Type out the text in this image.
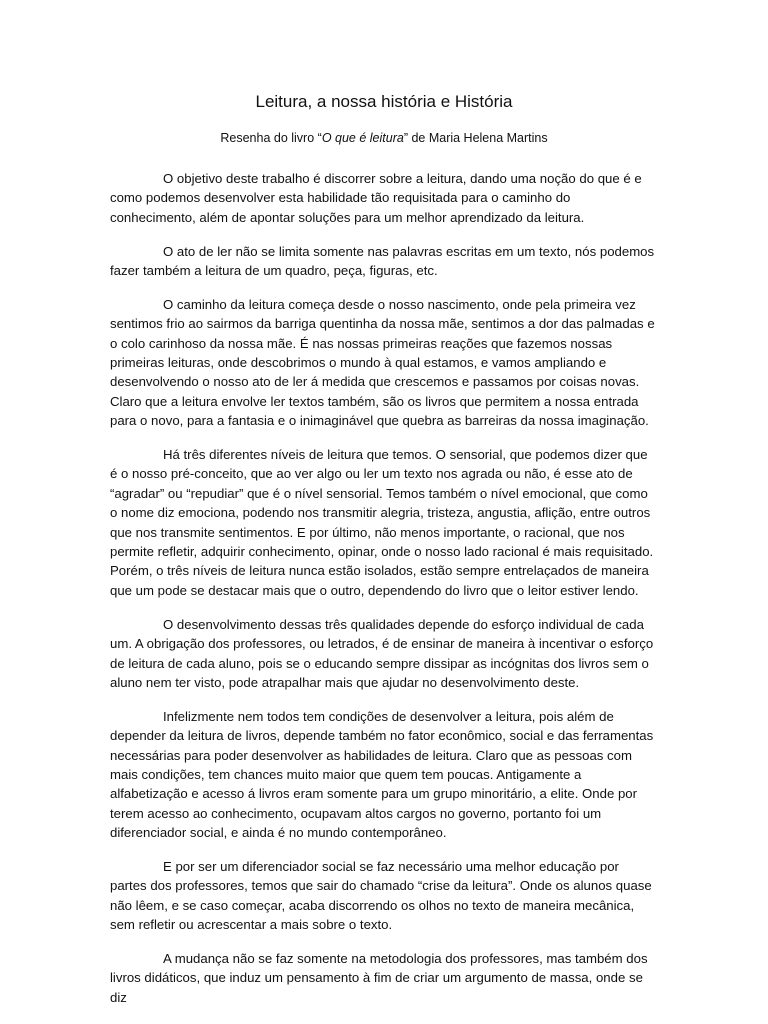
Leitura, a nossa história e História

Resenha do livro “O que é leitura” de Maria Helena Martins

O objetivo deste trabalho é discorrer sobre a leitura, dando uma noção do que é e como podemos desenvolver esta habilidade tão requisitada para o caminho do conhecimento, além de apontar soluções para um melhor aprendizado da leitura.

O ato de ler não se limita somente nas palavras escritas em um texto, nós podemos fazer também a leitura de um quadro, peça, figuras, etc.

O caminho da leitura começa desde o nosso nascimento, onde pela primeira vez sentimos frio ao sairmos da barriga quentinha da nossa mãe, sentimos a dor das palmadas e o colo carinhoso da nossa mãe. É nas nossas primeiras reações que fazemos nossas primeiras leituras, onde descobrimos o mundo à qual estamos, e vamos ampliando e desenvolvendo o nosso ato de ler á medida que crescemos e passamos por coisas novas. Claro que a leitura envolve ler textos também, são os livros que permitem a nossa entrada para o novo, para a fantasia e o inimaginável que quebra as barreiras da nossa imaginação.

Há três diferentes níveis de leitura que temos. O sensorial, que podemos dizer que é o nosso pré-conceito, que ao ver algo ou ler um texto nos agrada ou não, é esse ato de “agradar” ou “repudiar” que é o nível sensorial. Temos também o nível emocional, que como o nome diz emociona, podendo nos transmitir alegria, tristeza, angustia, aflição, entre outros que nos transmite sentimentos. E por último, não menos importante, o racional, que nos permite refletir, adquirir conhecimento, opinar, onde o nosso lado racional é mais requisitado. Porém, o três níveis de leitura nunca estão isolados, estão sempre entrelaçados de maneira que um pode se destacar mais que o outro, dependendo do livro que o leitor estiver lendo.

O desenvolvimento dessas três qualidades depende do esforço individual de cada um. A obrigação dos professores, ou letrados, é de ensinar de maneira à incentivar o esforço de leitura de cada aluno, pois se o educando sempre dissipar as incógnitas dos livros sem o aluno nem ter visto, pode atrapalhar mais que ajudar no desenvolvimento deste.

Infelizmente nem todos tem condições de desenvolver a leitura, pois além de depender da leitura de livros, depende também no fator econômico, social e das ferramentas necessárias para poder desenvolver as habilidades de leitura. Claro que as pessoas com mais condições, tem chances muito maior que quem tem poucas. Antigamente a alfabetização e acesso á livros eram somente para um grupo minoritário, a elite. Onde por terem acesso ao conhecimento, ocupavam altos cargos no governo, portanto foi um diferenciador social, e ainda é no mundo contemporâneo.

E por ser um diferenciador social se faz necessário uma melhor educação por partes dos professores, temos que sair do chamado “crise da leitura”. Onde os alunos quase não lêem, e se caso começar, acaba discorrendo os olhos no texto de maneira mecânica, sem refletir ou acrescentar a mais sobre o texto.

A mudança não se faz somente na metodologia dos professores, mas também dos livros didáticos, que induz um pensamento à fim de criar um argumento de massa, onde se diz
